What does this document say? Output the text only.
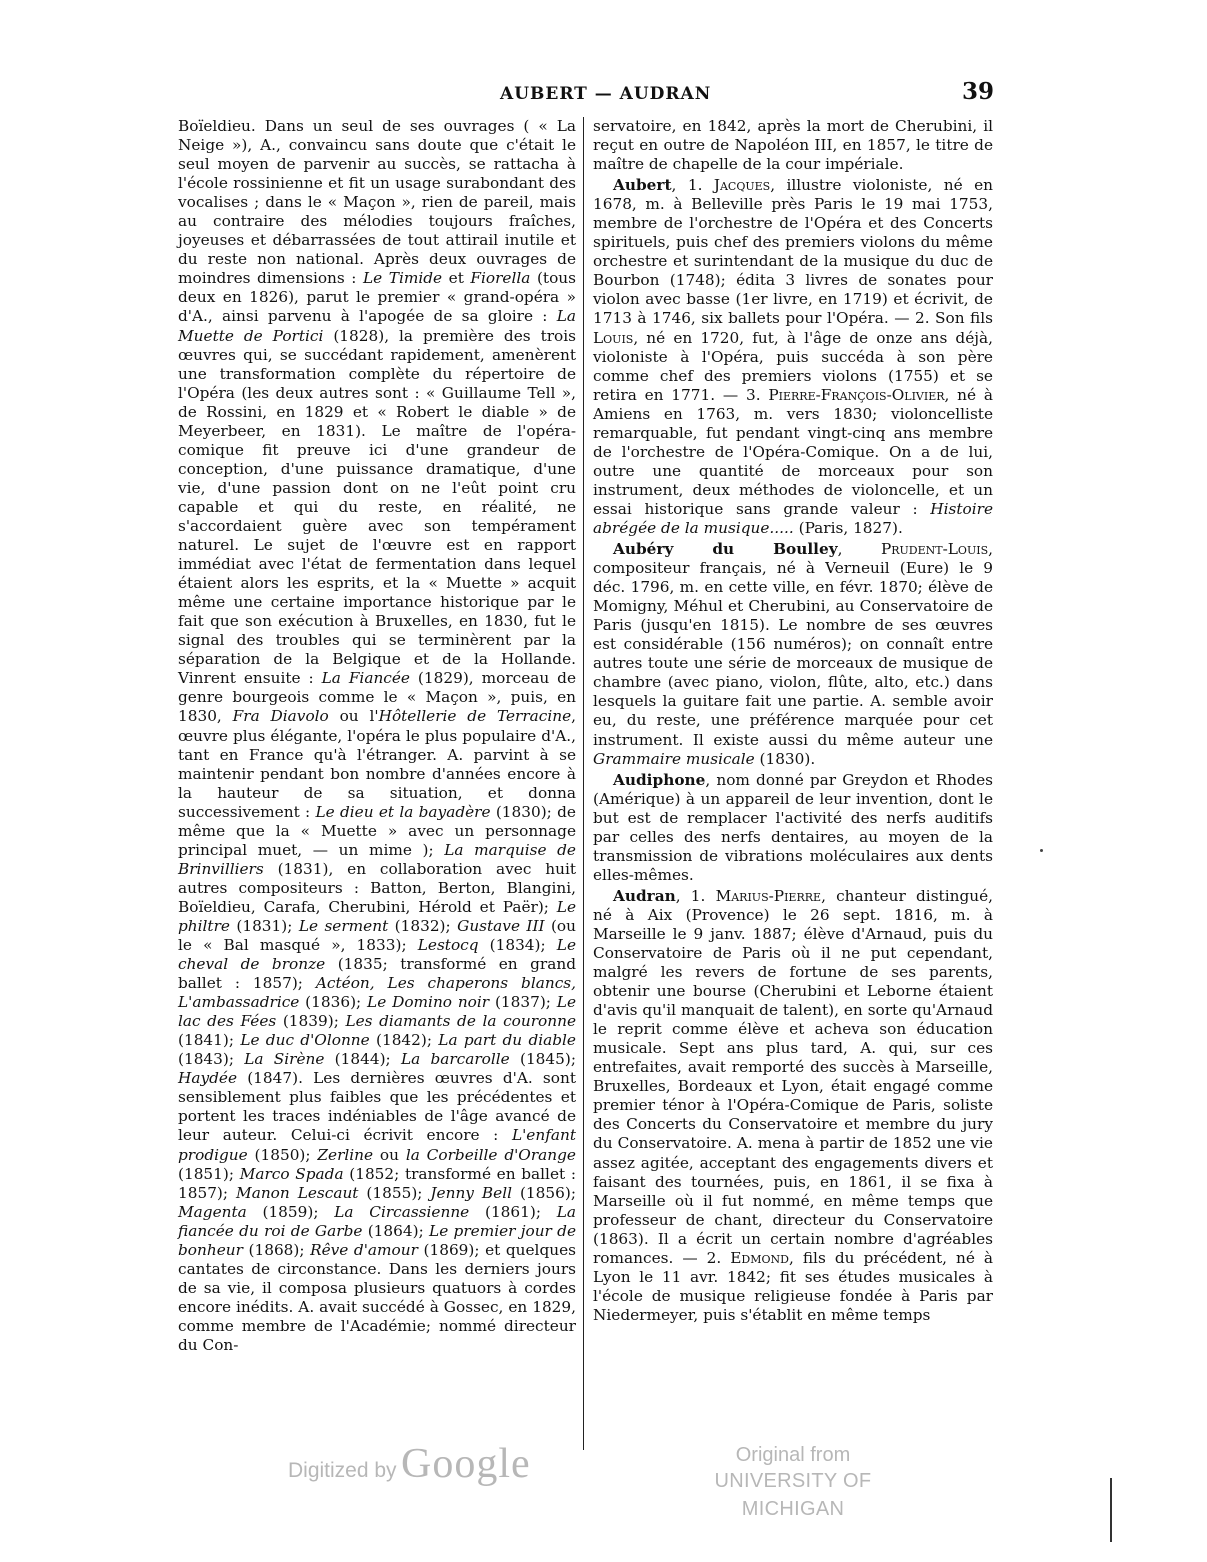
AUBERT — AUDRAN	39

Boïeldieu. Dans un seul de ses ouvrages ( « La Neige »), A., convaincu sans doute que c'était le seul moyen de parvenir au succès, se rattacha à l'école rossinienne et fit un usage surabondant des vocalises ; dans le « Maçon », rien de pareil, mais au contraire des mélodies toujours fraîches, joyeuses et débarrassées de tout attirail inutile et du reste non national. Après deux ouvrages de moindres dimensions : Le Timide et Fiorella (tous deux en 1826), parut le premier « grand-opéra » d'A., ainsi parvenu à l'apogée de sa gloire : La Muette de Portici (1828), la première des trois œuvres qui, se succédant rapidement, amenèrent une transformation complète du répertoire de l'Opéra (les deux autres sont : « Guillaume Tell », de Rossini, en 1829 et « Robert le diable » de Meyerbeer, en 1831). Le maître de l'opéra-comique fit preuve ici d'une grandeur de conception, d'une puissance dramatique, d'une vie, d'une passion dont on ne l'eût point cru capable et qui du reste, en réalité, ne s'accordaient guère avec son tempérament naturel. Le sujet de l'œuvre est en rapport immédiat avec l'état de fermentation dans lequel étaient alors les esprits, et la « Muette » acquit même une certaine importance historique par le fait que son exécution à Bruxelles, en 1830, fut le signal des troubles qui se terminèrent par la séparation de la Belgique et de la Hollande. Vinrent ensuite : La Fiancée (1829), morceau de genre bourgeois comme le « Maçon », puis, en 1830, Fra Diavolo ou l'Hôtellerie de Terracine, œuvre plus élégante, l'opéra le plus populaire d'A., tant en France qu'à l'étranger. A. parvint à se maintenir pendant bon nombre d'années encore à la hauteur de sa situation, et donna successivement : Le dieu et la bayadère (1830); de même que la « Muette » avec un personnage principal muet, — un mime ); La marquise de Brinvilliers (1831), en collaboration avec huit autres compositeurs : Batton, Berton, Blangini, Boïeldieu, Carafa, Cherubini, Hérold et Paër); Le philtre (1831); Le serment (1832); Gustave III (ou le « Bal masqué », 1833); Lestocq (1834); Le cheval de bronze (1835; transformé en grand ballet : 1857); Actéon, Les chaperons blancs, L'ambassadrice (1836); Le Domino noir (1837); Le lac des Fées (1839); Les diamants de la couronne (1841); Le duc d'Olonne (1842); La part du diable (1843); La Sirène (1844); La barcarolle (1845); Haydée (1847). Les dernières œuvres d'A. sont sensiblement plus faibles que les précédentes et portent les traces indéniables de l'âge avancé de leur auteur. Celui-ci écrivit encore : L'enfant prodigue (1850); Zerline ou la Corbeille d'Orange (1851); Marco Spada (1852; transformé en ballet : 1857); Manon Lescaut (1855); Jenny Bell (1856); Magenta (1859); La Circassienne (1861); La fiancée du roi de Garbe (1864); Le premier jour de bonheur (1868); Rêve d'amour (1869); et quelques cantates de circonstance. Dans les derniers jours de sa vie, il composa plusieurs quatuors à cordes encore inédits. A. avait succédé à Gossec, en 1829, comme membre de l'Académie; nommé directeur du Con-

servatoire, en 1842, après la mort de Cherubini, il reçut en outre de Napoléon III, en 1857, le titre de maître de chapelle de la cour impériale.

Aubert, 1. Jacques, illustre violoniste, né en 1678, m. à Belleville près Paris le 19 mai 1753, membre de l'orchestre de l'Opéra et des Concerts spirituels, puis chef des premiers violons du même orchestre et surintendant de la musique du duc de Bourbon (1748); édita 3 livres de sonates pour violon avec basse (1er livre, en 1719) et écrivit, de 1713 à 1746, six ballets pour l'Opéra. — 2. Son fils Louis, né en 1720, fut, à l'âge de onze ans déjà, violoniste à l'Opéra, puis succéda à son père comme chef des premiers violons (1755) et se retira en 1771. — 3. Pierre-François-Olivier, né à Amiens en 1763, m. vers 1830; violoncelliste remarquable, fut pendant vingt-cinq ans membre de l'orchestre de l'Opéra-Comique. On a de lui, outre une quantité de morceaux pour son instrument, deux méthodes de violoncelle, et un essai historique sans grande valeur : Histoire abrégée de la musique..... (Paris, 1827).

Aubéry du Boulley, Prudent-Louis, compositeur français, né à Verneuil (Eure) le 9 déc. 1796, m. en cette ville, en févr. 1870; élève de Momigny, Méhul et Cherubini, au Conservatoire de Paris (jusqu'en 1815). Le nombre de ses œuvres est considérable (156 numéros); on connaît entre autres toute une série de morceaux de musique de chambre (avec piano, violon, flûte, alto, etc.) dans lesquels la guitare fait une partie. A. semble avoir eu, du reste, une préférence marquée pour cet instrument. Il existe aussi du même auteur une Grammaire musicale (1830).

Audiphone, nom donné par Greydon et Rhodes (Amérique) à un appareil de leur invention, dont le but est de remplacer l'activité des nerfs auditifs par celles des nerfs dentaires, au moyen de la transmission de vibrations moléculaires aux dents elles-mêmes.

Audran, 1. Marius-Pierre, chanteur distingué, né à Aix (Provence) le 26 sept. 1816, m. à Marseille le 9 janv. 1887; élève d'Arnaud, puis du Conservatoire de Paris où il ne put cependant, malgré les revers de fortune de ses parents, obtenir une bourse (Cherubini et Leborne étaient d'avis qu'il manquait de talent), en sorte qu'Arnaud le reprit comme élève et acheva son éducation musicale. Sept ans plus tard, A. qui, sur ces entrefaites, avait remporté des succès à Marseille, Bruxelles, Bordeaux et Lyon, était engagé comme premier ténor à l'Opéra-Comique de Paris, soliste des Concerts du Conservatoire et membre du jury du Conservatoire. A. mena à partir de 1852 une vie assez agitée, acceptant des engagements divers et faisant des tournées, puis, en 1861, il se fixa à Marseille où il fut nommé, en même temps que professeur de chant, directeur du Conservatoire (1863). Il a écrit un certain nombre d'agréables romances. — 2. Edmond, fils du précédent, né à Lyon le 11 avr. 1842; fit ses études musicales à l'école de musique religieuse fondée à Paris par Niedermeyer, puis s'établit en même temps

Digitized by Google	Original from
UNIVERSITY OF MICHIGAN
